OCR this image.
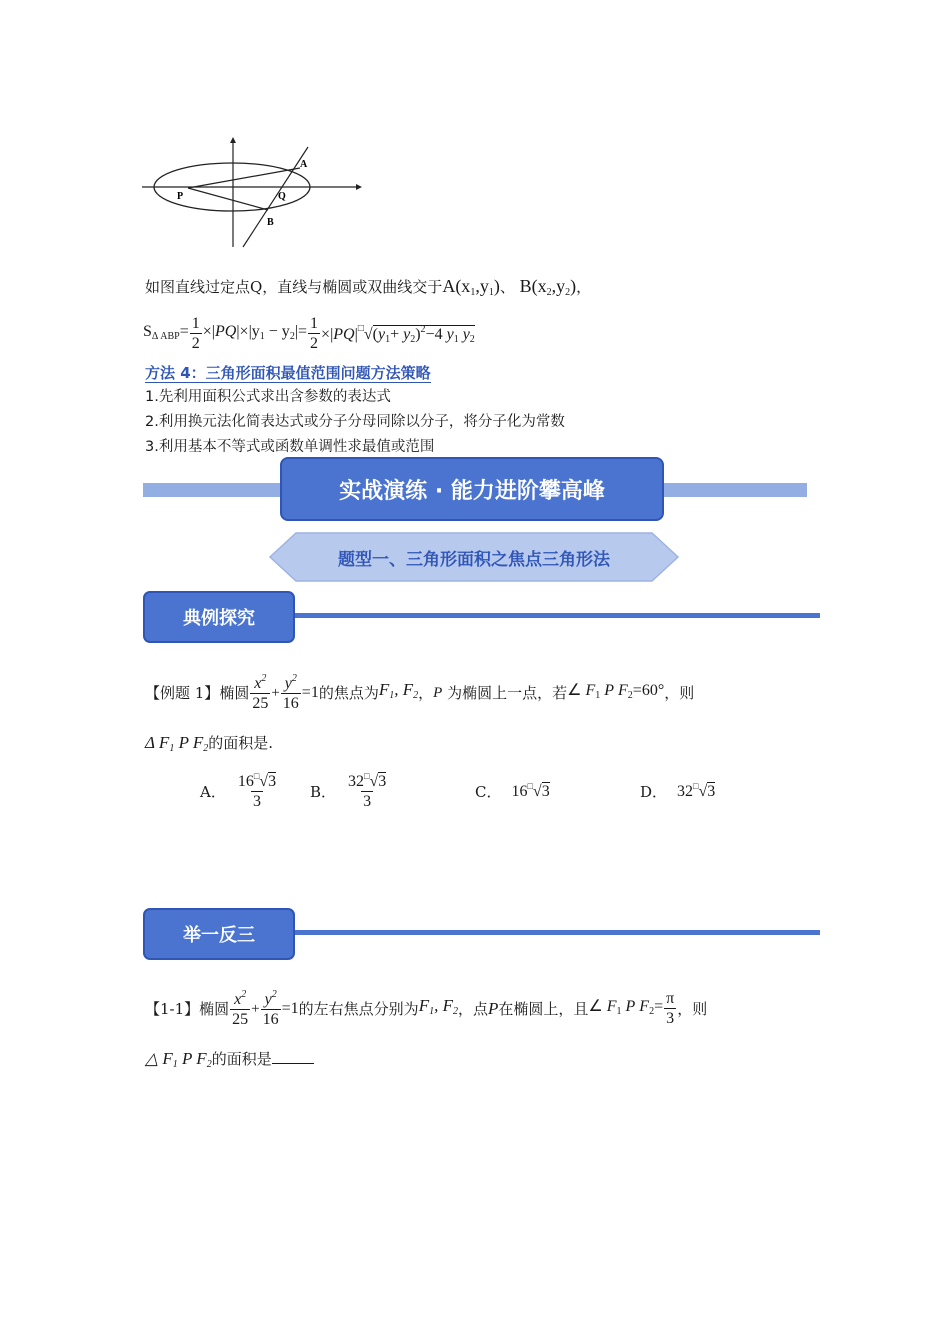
A
P	Q
B
如图直线过定点Q，直线与椭圆或双曲线交于$A(x_1,y_1)$、 $B(x_2,y_2)$，
$S_{\Delta ABP}= \frac{1}{2} \times|PQ|\times|y_1 - y_2|= \frac{1}{2} \times|PQ|^□√(y_1+ y_2)^2-4$ $y_1$ $y_2$
方法 4：三角形面积最值范围问题方法策略
1.先利用面积公式求出含参数的表达式
2.利用换元法化简表达式或分子分母同除以分子，将分子化为常数
3.利用基本不等式或函数单调性求最值或范围
实战演练 · 能力进阶攀高峰
题型一、三角形面积之焦点三角形法
典例探究
【例题 1】 椭圆 $\frac{x^2}{25} + \frac{y^2}{16} =1$ 的焦点为 $F_1$, $F_2$ ， P
为椭圆上一点，若 ∠ $F_1$ P $F_2=60^\circ$ ，则
Δ $F_1$ P $F_2$的面积是.
A． $\frac{16^□√3}{3}$ B． $\frac{32^□√3}{3}$	C． 16□√3	D． 32□√3
举一反三
【1-1】 椭圆 $\frac{x^2}{25} + \frac{y^2}{16} =1$ 的左右焦点分别为 $F_1$, $F_2$ ，点 P 在椭圆上，且 ∠ $F_1$ P $F_2= \frac{\pi}{3}$ ，则
△ $F_1$ P $F_2$的面积是
